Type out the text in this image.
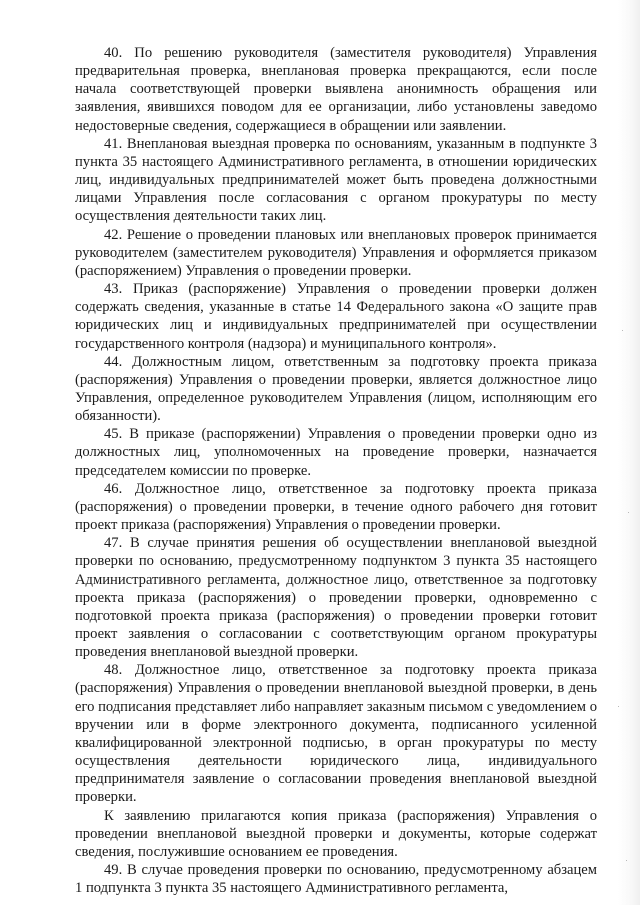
40. По решению руководителя (заместителя руководителя) Управления предварительная проверка, внеплановая проверка прекращаются, если после начала соответствующей проверки выявлена анонимность обращения или заявления, явившихся поводом для ее организации, либо установлены заведомо недостоверные сведения, содержащиеся в обращении или заявлении.

41. Внеплановая выездная проверка по основаниям, указанным в подпункте 3 пункта 35 настоящего Административного регламента, в отношении юридических лиц, индивидуальных предпринимателей может быть проведена должностными лицами Управления после согласования с органом прокуратуры по месту осуществления деятельности таких лиц.

42. Решение о проведении плановых или внеплановых проверок принимается руководителем (заместителем руководителя) Управления и оформляется приказом (распоряжением) Управления о проведении проверки.

43. Приказ (распоряжение) Управления о проведении проверки должен содержать сведения, указанные в статье 14 Федерального закона «О защите прав юридических лиц и индивидуальных предпринимателей при осуществлении государственного контроля (надзора) и муниципального контроля».

44. Должностным лицом, ответственным за подготовку проекта приказа (распоряжения) Управления о проведении проверки, является должностное лицо Управления, определенное руководителем Управления (лицом, исполняющим его обязанности).

45. В приказе (распоряжении) Управления о проведении проверки одно из должностных лиц, уполномоченных на проведение проверки, назначается председателем комиссии по проверке.

46. Должностное лицо, ответственное за подготовку проекта приказа (распоряжения) о проведении проверки, в течение одного рабочего дня готовит проект приказа (распоряжения) Управления о проведении проверки.

47. В случае принятия решения об осуществлении внеплановой выездной проверки по основанию, предусмотренному подпунктом 3 пункта 35 настоящего Административного регламента, должностное лицо, ответственное за подготовку проекта приказа (распоряжения) о проведении проверки, одновременно с подготовкой проекта приказа (распоряжения) о проведении проверки готовит проект заявления о согласовании с соответствующим органом прокуратуры проведения внеплановой выездной проверки.

48. Должностное лицо, ответственное за подготовку проекта приказа (распоряжения) Управления о проведении внеплановой выездной проверки, в день его подписания представляет либо направляет заказным письмом с уведомлением о вручении или в форме электронного документа, подписанного усиленной квалифицированной электронной подписью, в орган прокуратуры по месту осуществления деятельности юридического лица, индивидуального предпринимателя заявление о согласовании проведения внеплановой выездной проверки.

К заявлению прилагаются копия приказа (распоряжения) Управления о проведении внеплановой выездной проверки и документы, которые содержат сведения, послужившие основанием ее проведения.

49. В случае проведения проверки по основанию, предусмотренному абзацем 1 подпункта 3 пункта 35 настоящего Административного регламента,
